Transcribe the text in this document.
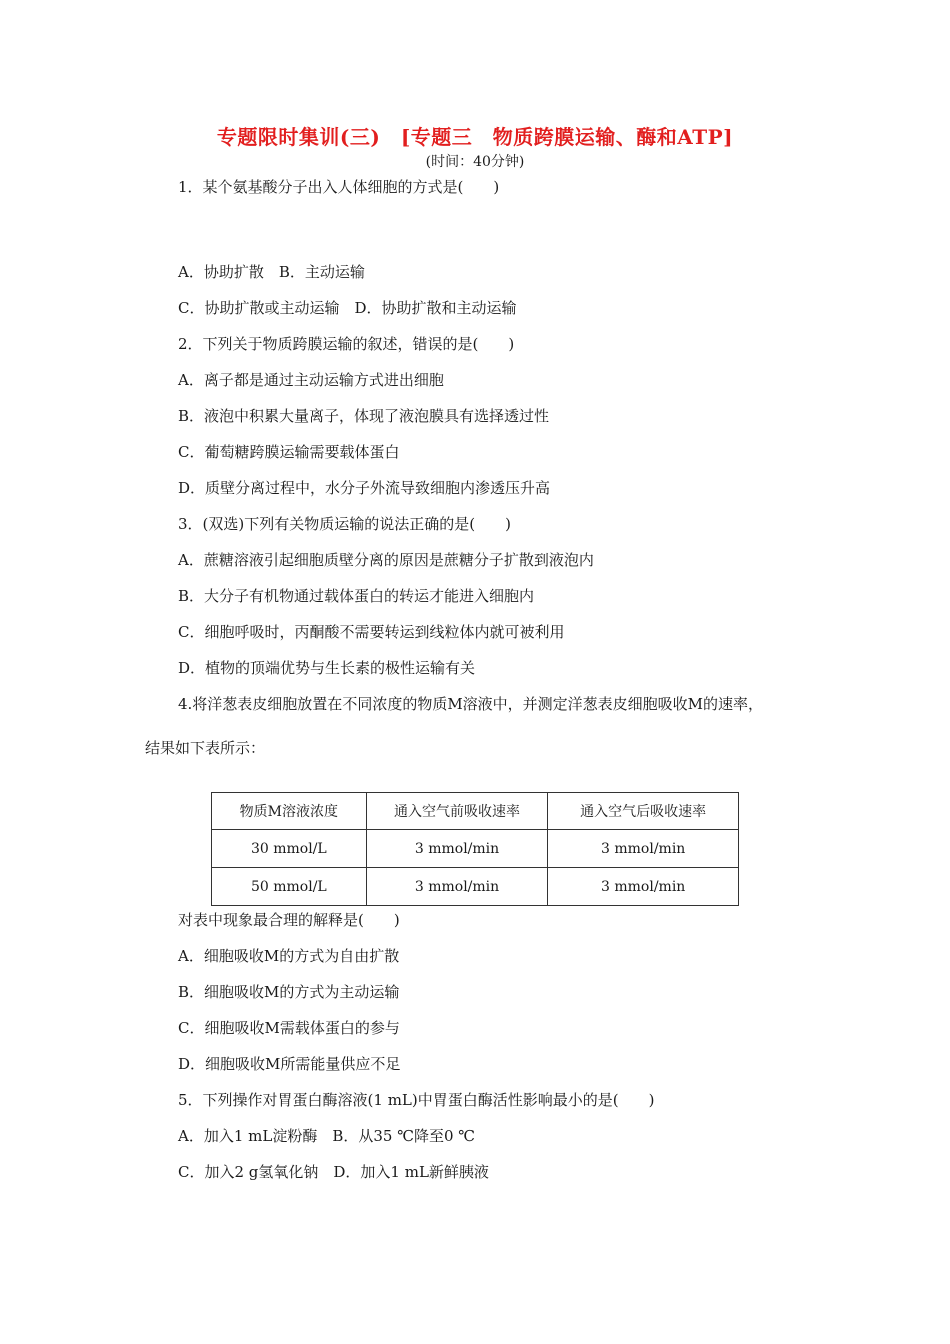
专题限时集训(三)　[专题三　物质跨膜运输、酶和ATP]
(时间：40分钟)
1．某个氨基酸分子出入人体细胞的方式是(　　)
A．协助扩散　B．主动运输
C．协助扩散或主动运输　D．协助扩散和主动运输
2．下列关于物质跨膜运输的叙述，错误的是(　　)
A．离子都是通过主动运输方式进出细胞
B．液泡中积累大量离子，体现了液泡膜具有选择透过性
C．葡萄糖跨膜运输需要载体蛋白
D．质壁分离过程中，水分子外流导致细胞内渗透压升高
3．(双选)下列有关物质运输的说法正确的是(　　)
A．蔗糖溶液引起细胞质壁分离的原因是蔗糖分子扩散到液泡内
B．大分子有机物通过载体蛋白的转运才能进入细胞内
C．细胞呼吸时，丙酮酸不需要转运到线粒体内就可被利用
D．植物的顶端优势与生长素的极性运输有关
4.将洋葱表皮细胞放置在不同浓度的物质M溶液中，并测定洋葱表皮细胞吸收M的速率，
结果如下表所示：
物质M溶液浓度	通入空气前吸收速率	通入空气后吸收速率
30 mmol/L	3 mmol/min	3 mmol/min
50 mmol/L	3 mmol/min	3 mmol/min
对表中现象最合理的解释是(　　)
A．细胞吸收M的方式为自由扩散
B．细胞吸收M的方式为主动运输
C．细胞吸收M需载体蛋白的参与
D．细胞吸收M所需能量供应不足
5．下列操作对胃蛋白酶溶液(1 mL)中胃蛋白酶活性影响最小的是(　　)
A．加入1 mL淀粉酶　B．从35 ℃降至0 ℃
C．加入2 g氢氧化钠　D．加入1 mL新鲜胰液
